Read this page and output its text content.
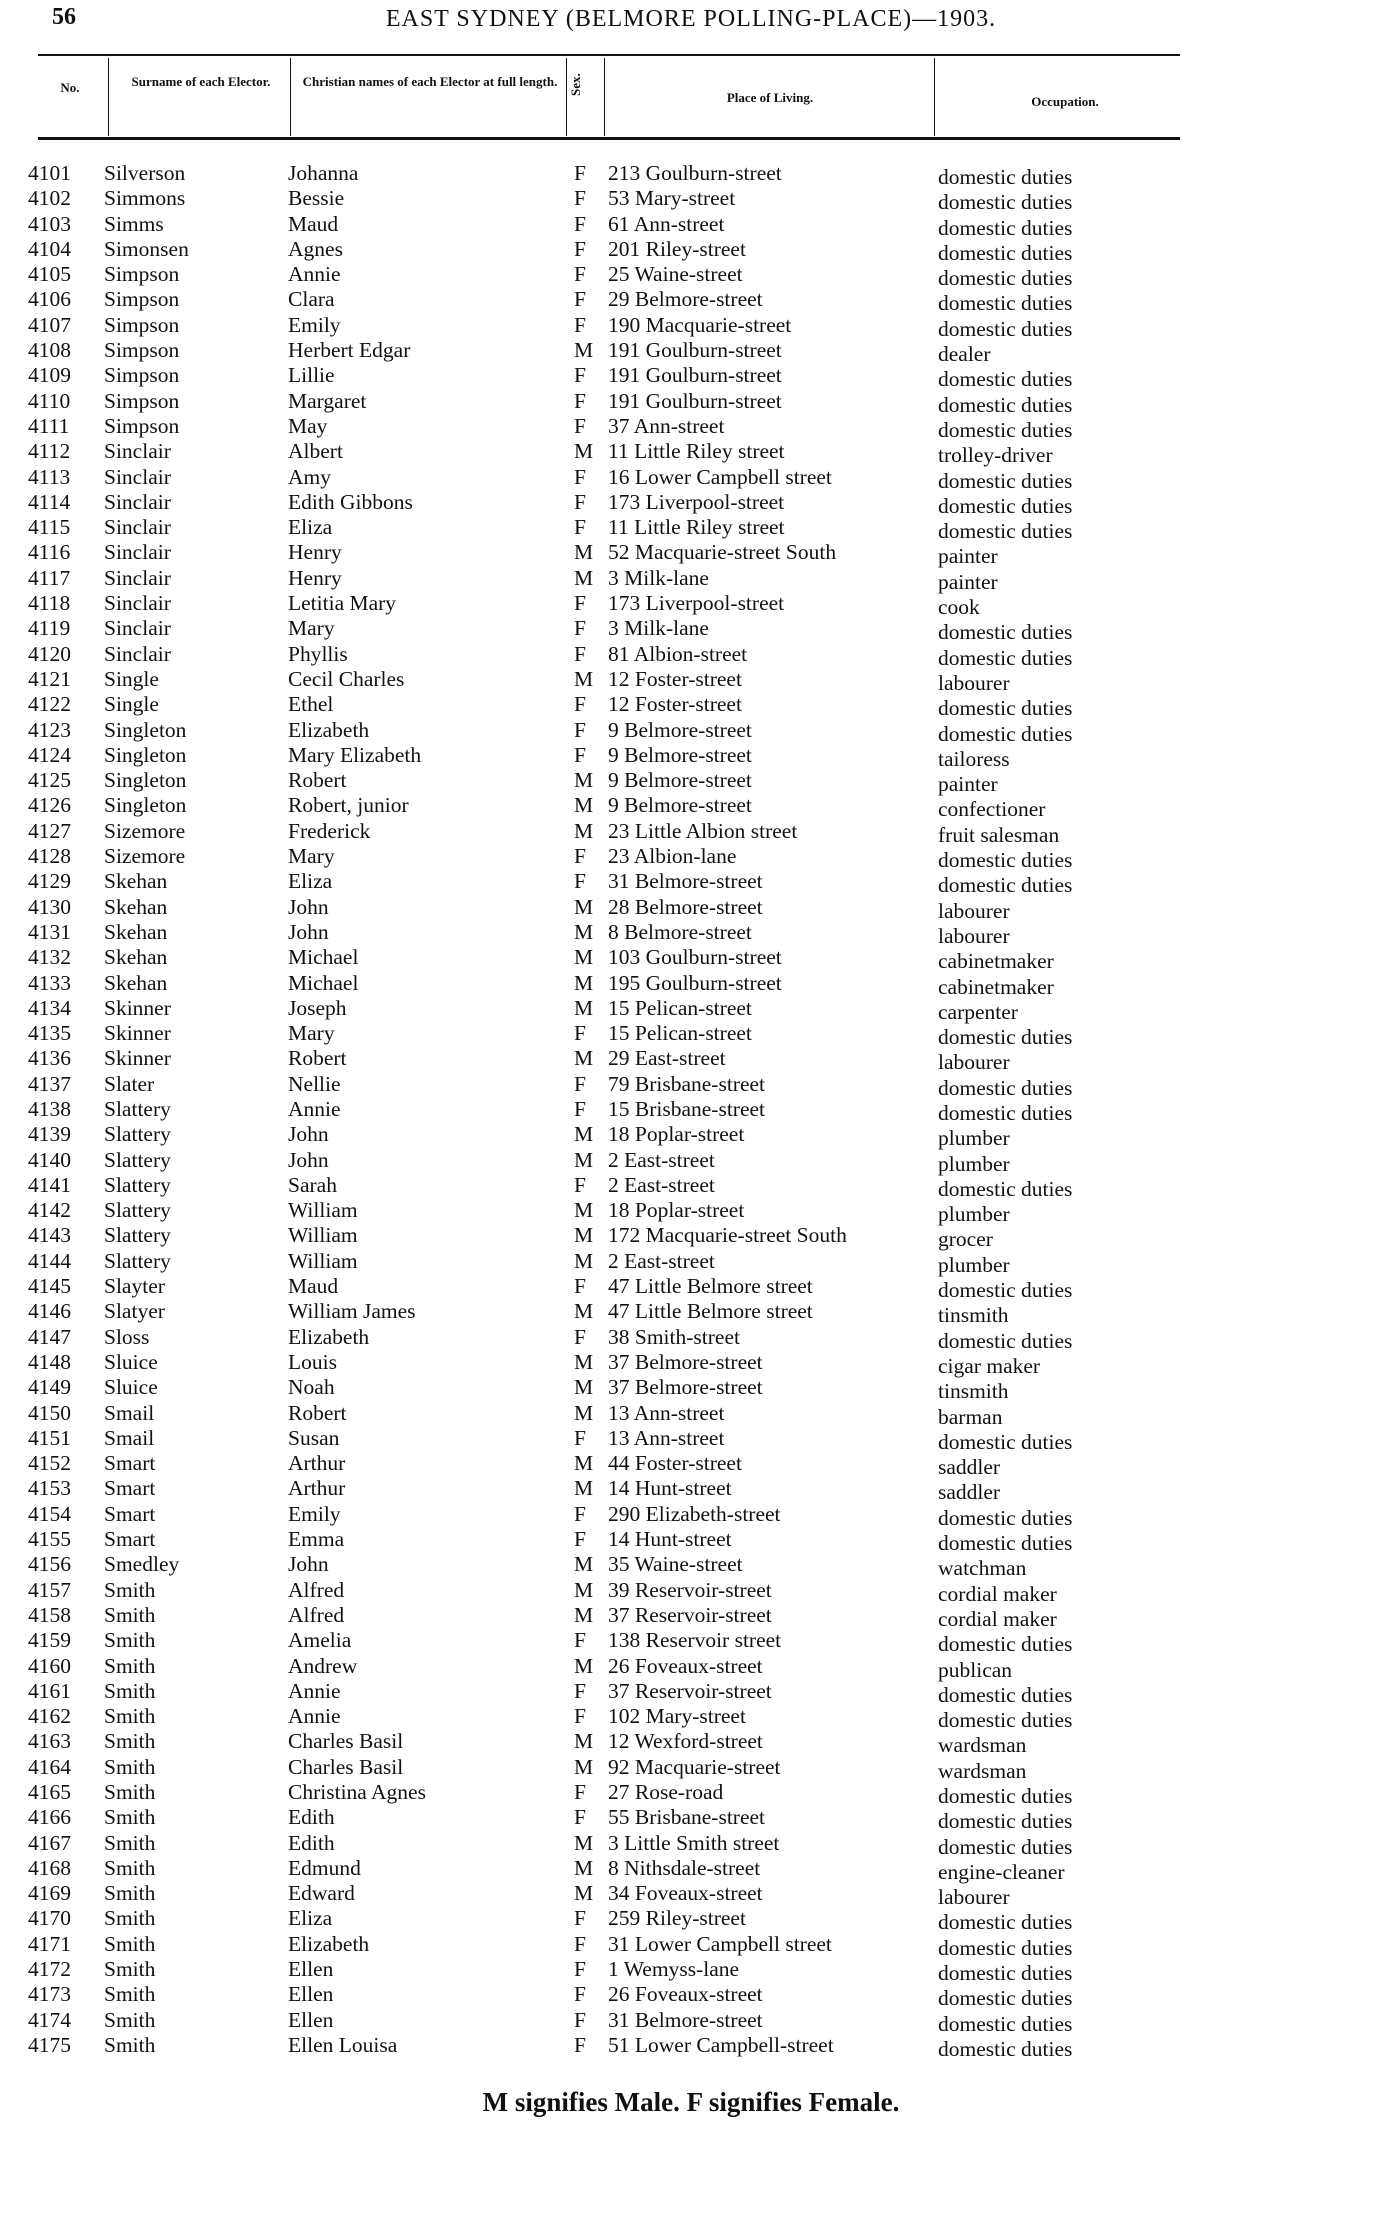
56	EAST SYDNEY (BELMORE POLLING-PLACE)—1903.
No.	Surname of each Elector.	Christian names of each Elector at full length. Sex.
Place of Living.	Occupation.
4101 Silverson	Johanna	F 213 Goulburn-street	domestic duties
4102 Simmons	Bessie	F 53 Mary-street	domestic duties
4103 Simms	Maud	F 61 Ann-street	domestic duties
4104 Simonsen	Agnes	F 201 Riley-street	domestic duties
4105 Simpson	Annie	F 25 Waine-street	domestic duties
4106 Simpson	Clara	F 29 Belmore-street	domestic duties
4107 Simpson	Emily	F 190 Macquarie-street	domestic duties
4108 Simpson	Herbert Edgar	M 191 Goulburn-street	dealer
4109 Simpson	Lillie	F 191 Goulburn-street	domestic duties
4110 Simpson	Margaret	F 191 Goulburn-street	domestic duties
4111 Simpson	May	F 37 Ann-street	domestic duties
4112 Sinclair	Albert	M 11 Little Riley street	trolley-driver
4113 Sinclair	Amy	F 16 Lower Campbell street	domestic duties
4114 Sinclair	Edith Gibbons	F 173 Liverpool-street	domestic duties
4115 Sinclair	Eliza	F 11 Little Riley street	domestic duties
4116 Sinclair	Henry	M 52 Macquarie-street South	painter
4117 Sinclair	Henry	M 3 Milk-lane	painter
4118 Sinclair	Letitia Mary	F 173 Liverpool-street	cook
4119 Sinclair	Mary	F 3 Milk-lane	domestic duties
4120 Sinclair	Phyllis	F 81 Albion-street	domestic duties
4121 Single	Cecil Charles	M 12 Foster-street	labourer
4122 Single	Ethel	F 12 Foster-street	domestic duties
4123 Singleton	Elizabeth	F 9 Belmore-street	domestic duties
4124 Singleton	Mary Elizabeth	F 9 Belmore-street	tailoress
4125 Singleton	Robert	M 9 Belmore-street	painter
4126 Singleton	Robert, junior	M 9 Belmore-street	confectioner
4127 Sizemore	Frederick	M 23 Little Albion street	fruit salesman
4128 Sizemore	Mary	F 23 Albion-lane	domestic duties
4129 Skehan	Eliza	F 31 Belmore-street	domestic duties
4130 Skehan	John	M 28 Belmore-street	labourer
4131 Skehan	John	M 8 Belmore-street	labourer
4132 Skehan	Michael	M 103 Goulburn-street	cabinetmaker
4133 Skehan	Michael	M 195 Goulburn-street	cabinetmaker
4134 Skinner	Joseph	M 15 Pelican-street	carpenter
4135 Skinner	Mary	F 15 Pelican-street	domestic duties
4136 Skinner	Robert	M 29 East-street	labourer
4137 Slater	Nellie	F 79 Brisbane-street	domestic duties
4138 Slattery	Annie	F 15 Brisbane-street	domestic duties
4139 Slattery	John	M 18 Poplar-street	plumber
4140 Slattery	John	M 2 East-street	plumber
4141 Slattery	Sarah	F 2 East-street	domestic duties
4142 Slattery	William	M 18 Poplar-street	plumber
4143 Slattery	William	M 172 Macquarie-street South	grocer
4144 Slattery	William	M 2 East-street	plumber
4145 Slayter	Maud	F 47 Little Belmore street	domestic duties
4146 Slatyer	William James	M 47 Little Belmore street	tinsmith
4147 Sloss	Elizabeth	F 38 Smith-street	domestic duties
4148 Sluice	Louis	M 37 Belmore-street	cigar maker
4149 Sluice	Noah	M 37 Belmore-street	tinsmith
4150 Smail	Robert	M 13 Ann-street	barman
4151 Smail	Susan	F 13 Ann-street	domestic duties
4152 Smart	Arthur	M 44 Foster-street	saddler
4153 Smart	Arthur	M 14 Hunt-street	saddler
4154 Smart	Emily	F 290 Elizabeth-street	domestic duties
4155 Smart	Emma	F 14 Hunt-street	domestic duties
4156 Smedley	John	M 35 Waine-street	watchman
4157 Smith	Alfred	M 39 Reservoir-street	cordial maker
4158 Smith	Alfred	M 37 Reservoir-street	cordial maker
4159 Smith	Amelia	F 138 Reservoir street	domestic duties
4160 Smith	Andrew	M 26 Foveaux-street	publican
4161 Smith	Annie	F 37 Reservoir-street	domestic duties
4162 Smith	Annie	F 102 Mary-street	domestic duties
4163 Smith	Charles Basil	M 12 Wexford-street	wardsman
4164 Smith	Charles Basil	M 92 Macquarie-street	wardsman
4165 Smith	Christina Agnes	F 27 Rose-road	domestic duties
4166 Smith	Edith	F 55 Brisbane-street	domestic duties
4167 Smith	Edith	M 3 Little Smith street	domestic duties
4168 Smith	Edmund	M 8 Nithsdale-street	engine-cleaner
4169 Smith	Edward	M 34 Foveaux-street	labourer
4170 Smith	Eliza	F 259 Riley-street	domestic duties
4171 Smith	Elizabeth	F 31 Lower Campbell street	domestic duties
4172 Smith	Ellen	F 1 Wemyss-lane	domestic duties
4173 Smith	Ellen	F 26 Foveaux-street	domestic duties
4174 Smith	Ellen	F 31 Belmore-street	domestic duties
4175 Smith	Ellen Louisa	F 51 Lower Campbell-street	domestic duties
M signifies Male. F signifies Female.
